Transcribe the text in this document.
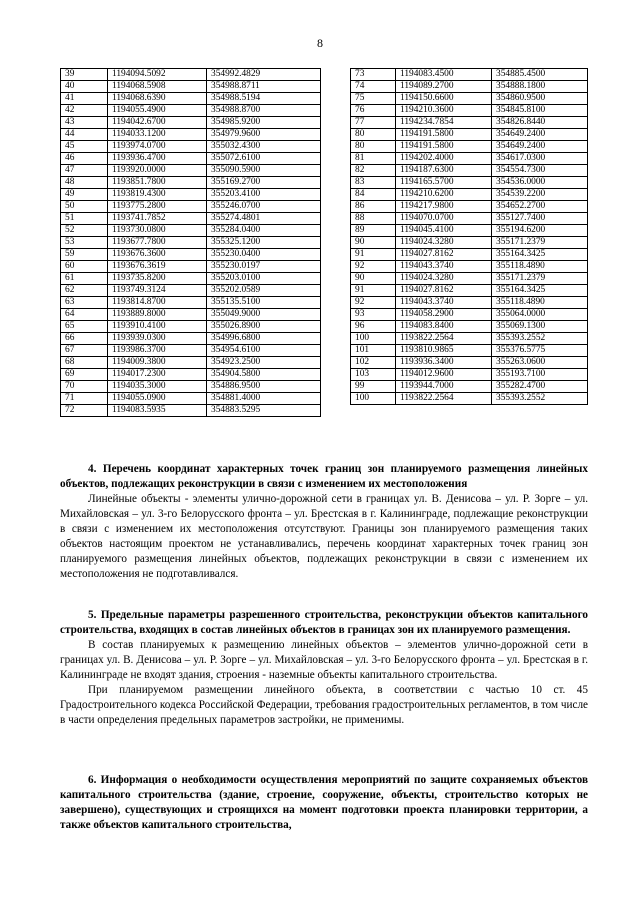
8
39	1194094.5092	354992.4829
40	1194068.5908	354988.8711
41	1194068.6390	354988.5194
42	1194055.4900	354988.8700
43	1194042.6700	354985.9200
44	1194033.1200	354979.9600
45	1193974.0700	355032.4300
46	1193936.4700	355072.6100
47	1193920.0000	355090.5900
48	1193851.7800	355169.2700
49	1193819.4300	355203.4100
50	1193775.2800	355246.0700
51	1193741.7852	355274.4801
52	1193730.0800	355284.0400
53	1193677.7800	355325.1200
59	1193676.3600	355230.0400
60	1193676.3619	355230.0197
61	1193735.8200	355203.0100
62	1193749.3124	355202.0589
63	1193814.8700	355135.5100
64	1193889.8000	355049.9000
65	1193910.4100	355026.8900
66	1193939.0300	354996.6800
67	1193986.3700	354954.6100
68	1194009.3800	354923.2500
69	1194017.2300	354904.5800
70	1194035.3000	354886.9500
71	1194055.0900	354881.4000
72	1194083.5935	354883.5295
73	1194083.4500	354885.4500
74	1194089.2700	354888.1800
75	1194150.6600	354860.9500
76	1194210.3600	354845.8100
77	1194234.7854	354826.8440
80	1194191.5800	354649.2400
80	1194191.5800	354649.2400
81	1194202.4000	354617.0300
82	1194187.6300	354554.7300
83	1194165.5700	354536.0000
84	1194210.6200	354539.2200
86	1194217.9800	354652.2700
88	1194070.0700	355127.7400
89	1194045.4100	355194.6200
90	1194024.3280	355171.2379
91	1194027.8162	355164.3425
92	1194043.3740	355118.4890
90	1194024.3280	355171.2379
91	1194027.8162	355164.3425
92	1194043.3740	355118.4890
93	1194058.2900	355064.0000
96	1194083.8400	355069.1300
100	1193822.2564	355393.2552
101	1193810.9865	355376.5775
102	1193936.3400	355263.0600
103	1194012.9600	355193.7100
99	1193944.7000	355282.4700
100	1193822.2564	355393.2552

4. Перечень координат характерных точек границ зон планируемого размещения линейных объектов, подлежащих реконструкции в связи с изменением их местоположения

Линейные объекты - элементы улично-дорожной сети в границах ул. В. Денисова – ул. Р. Зорге – ул. Михайловская – ул. 3-го Белорусского фронта – ул. Брестская в г. Калининграде, подлежащие реконструкции в связи с изменением их местоположения отсутствуют. Границы зон планируемого размещения таких объектов настоящим проектом не устанавливались, перечень координат характерных точек границ зон планируемого размещения линейных объектов, подлежащих реконструкции в связи с изменением их местоположения не подготавливался.

5. Предельные параметры разрешенного строительства, реконструкции объектов капитального строительства, входящих в состав линейных объектов в границах зон их планируемого размещения.

В состав планируемых к размещению линейных объектов – элементов улично-дорожной сети в границах ул. В. Денисова – ул. Р. Зорге – ул. Михайловская – ул. 3-го Белорусского фронта – ул. Брестская в г. Калининграде не входят здания, строения - наземные объекты капитального строительства.

При планируемом размещении линейного объекта, в соответствии с частью 10 ст. 45 Градостроительного кодекса Российской Федерации, требования градостроительных регламентов, в том числе в части определения предельных параметров застройки, не применимы.

6. Информация о необходимости осуществления мероприятий по защите сохраняемых объектов капитального строительства (здание, строение, сооружение, объекты, строительство которых не завершено), существующих и строящихся на момент подготовки проекта планировки территории, а также объектов капитального строительства,
